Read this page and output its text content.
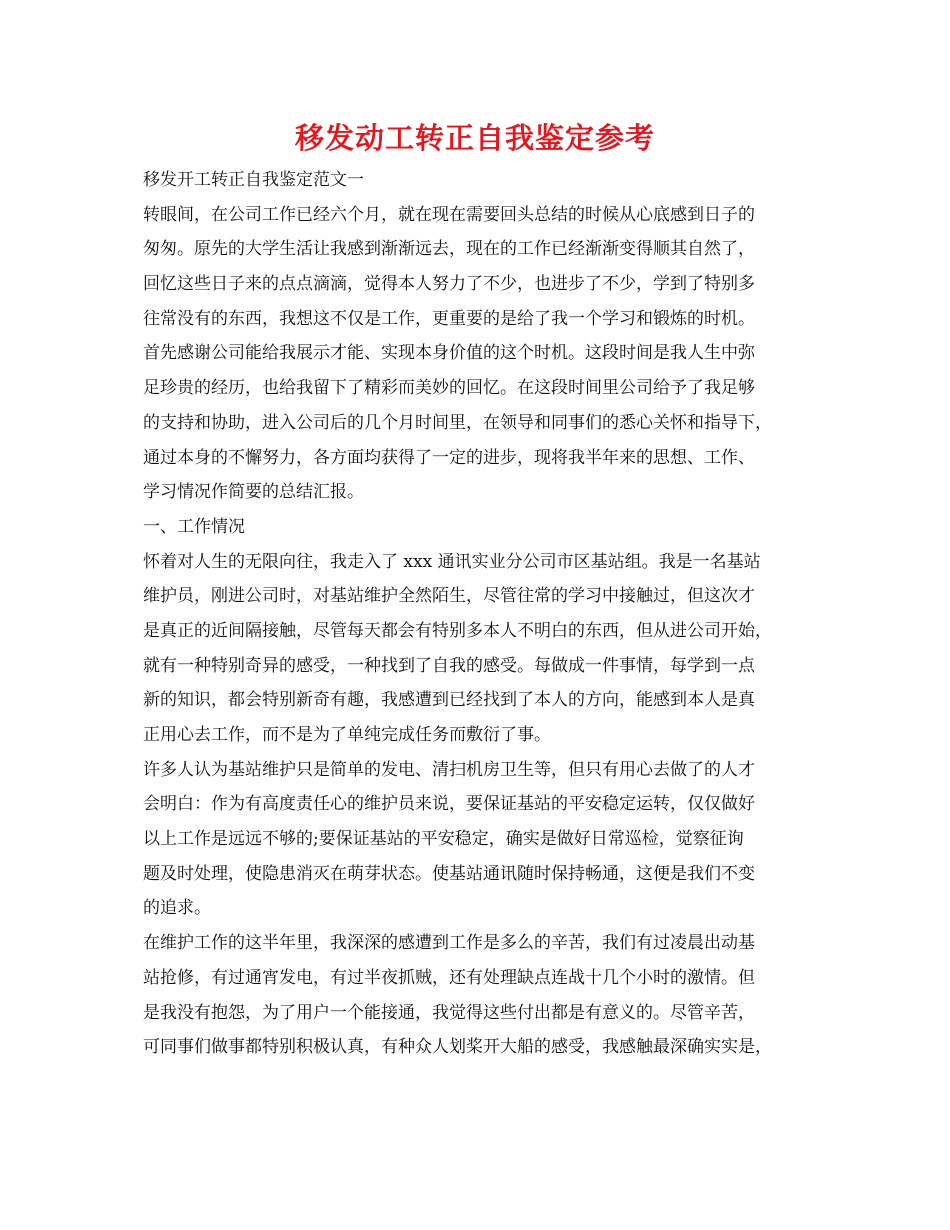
移发动工转正自我鉴定参考
移发开工转正自我鉴定范文一
转眼间，在公司工作已经六个月，就在现在需要回头总结的时候从心底感到日子的
匆匆。原先的大学生活让我感到渐渐远去，现在的工作已经渐渐变得顺其自然了，
回忆这些日子来的点点滴滴，觉得本人努力了不少，也进步了不少，学到了特别多
往常没有的东西，我想这不仅是工作，更重要的是给了我一个学习和锻炼的时机。
首先感谢公司能给我展示才能、实现本身价值的这个时机。这段时间是我人生中弥
足珍贵的经历，也给我留下了精彩而美妙的回忆。在这段时间里公司给予了我足够
的支持和协助，进入公司后的几个月时间里，在领导和同事们的悉心关怀和指导下，
通过本身的不懈努力，各方面均获得了一定的进步，现将我半年来的思想、工作、
学习情况作简要的总结汇报。
一、工作情况
怀着对人生的无限向往，我走入了 xxx 通讯实业分公司市区基站组。我是一名基站
维护员，刚进公司时，对基站维护全然陌生，尽管往常的学习中接触过，但这次才
是真正的近间隔接触，尽管每天都会有特别多本人不明白的东西，但从进公司开始，
就有一种特别奇异的感受，一种找到了自我的感受。每做成一件事情，每学到一点
新的知识，都会特别新奇有趣，我感遭到已经找到了本人的方向，能感到本人是真
正用心去工作，而不是为了单纯完成任务而敷衍了事。
许多人认为基站维护只是简单的发电、清扫机房卫生等，但只有用心去做了的人才
会明白：作为有高度责任心的维护员来说，要保证基站的平安稳定运转，仅仅做好
以上工作是远远不够的;要保证基站的平安稳定，确实是做好日常巡检，觉察征询
题及时处理，使隐患消灭在萌芽状态。使基站通讯随时保持畅通，这便是我们不变
的追求。
在维护工作的这半年里，我深深的感遭到工作是多么的辛苦，我们有过凌晨出动基
站抢修，有过通宵发电，有过半夜抓贼，还有处理缺点连战十几个小时的激情。但
是我没有抱怨，为了用户一个能接通，我觉得这些付出都是有意义的。尽管辛苦，
可同事们做事都特别积极认真，有种众人划桨开大船的感受，我感触最深确实实是，
